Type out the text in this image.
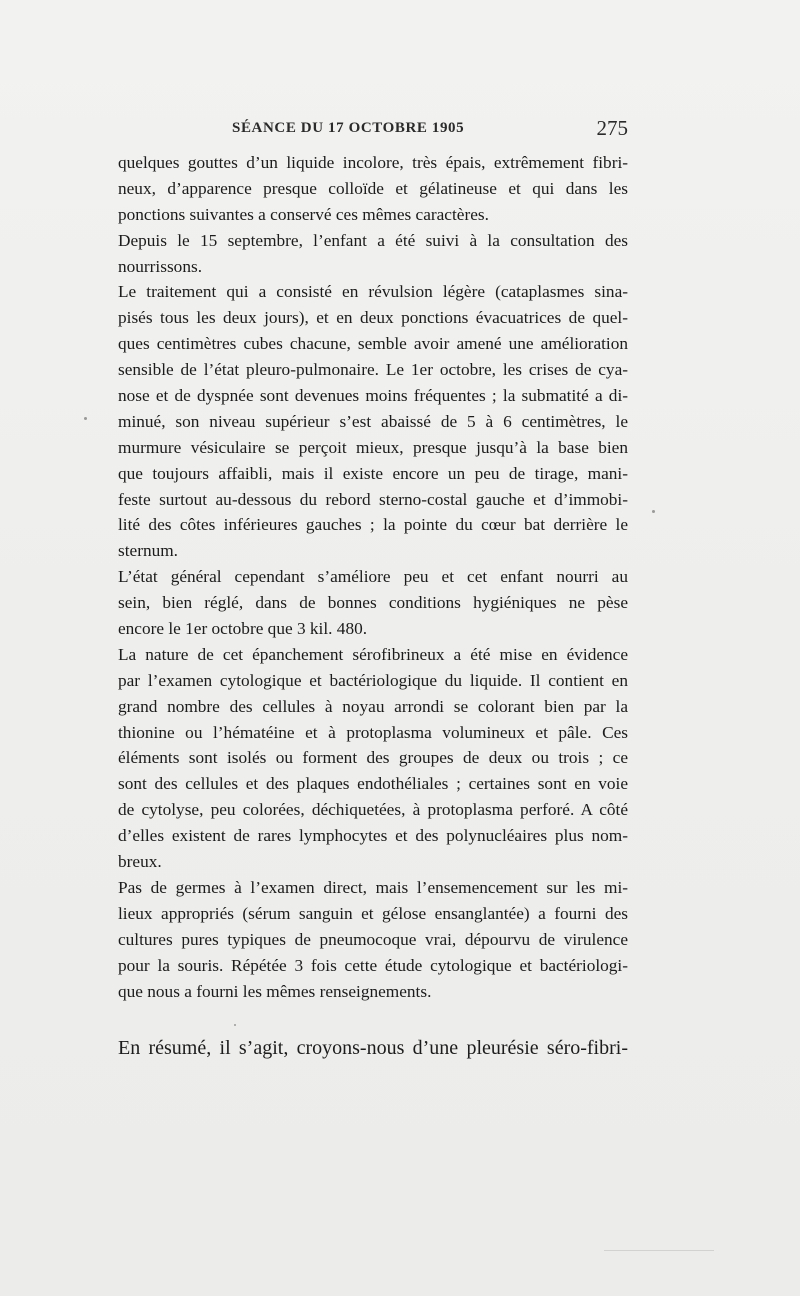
SÉANCE DU 17 OCTOBRE 1905	275
quelques gouttes d’un liquide incolore, très épais, extrêmement fibri-
neux, d’apparence presque colloïde et gélatineuse et qui dans les
ponctions suivantes a conservé ces mêmes caractères.
Depuis le 15 septembre, l’enfant a été suivi à la consultation des
nourrissons.
Le traitement qui a consisté en révulsion légère (cataplasmes sina-
pisés tous les deux jours), et en deux ponctions évacuatrices de quel-
ques centimètres cubes chacune, semble avoir amené une amélioration
sensible de l’état pleuro-pulmonaire. Le 1er octobre, les crises de cya-
nose et de dyspnée sont devenues moins fréquentes ; la submatité a di-
minué, son niveau supérieur s’est abaissé de 5 à 6 centimètres, le
murmure vésiculaire se perçoit mieux, presque jusqu’à la base bien
que toujours affaibli, mais il existe encore un peu de tirage, mani-
feste surtout au-dessous du rebord sterno-costal gauche et d’immobi-
lité des côtes inférieures gauches ; la pointe du cœur bat derrière le
sternum.
L’état général cependant s’améliore peu et cet enfant nourri au
sein, bien réglé, dans de bonnes conditions hygiéniques ne pèse
encore le 1er octobre que 3 kil. 480.
La nature de cet épanchement sérofibrineux a été mise en évidence
par l’examen cytologique et bactériologique du liquide. Il contient en
grand nombre des cellules à noyau arrondi se colorant bien par la
thionine ou l’hématéine et à protoplasma volumineux et pâle. Ces
éléments sont isolés ou forment des groupes de deux ou trois ; ce
sont des cellules et des plaques endothéliales ; certaines sont en voie
de cytolyse, peu colorées, déchiquetées, à protoplasma perforé. A côté
d’elles existent de rares lymphocytes et des polynucléaires plus nom-
breux.
Pas de germes à l’examen direct, mais l’ensemencement sur les mi-
lieux appropriés (sérum sanguin et gélose ensanglantée) a fourni des
cultures pures typiques de pneumocoque vrai, dépourvu de virulence
pour la souris. Répétée 3 fois cette étude cytologique et bactériologi-
que nous a fourni les mêmes renseignements.
En résumé, il s’agit, croyons-nous d’une pleurésie séro-fibri-
